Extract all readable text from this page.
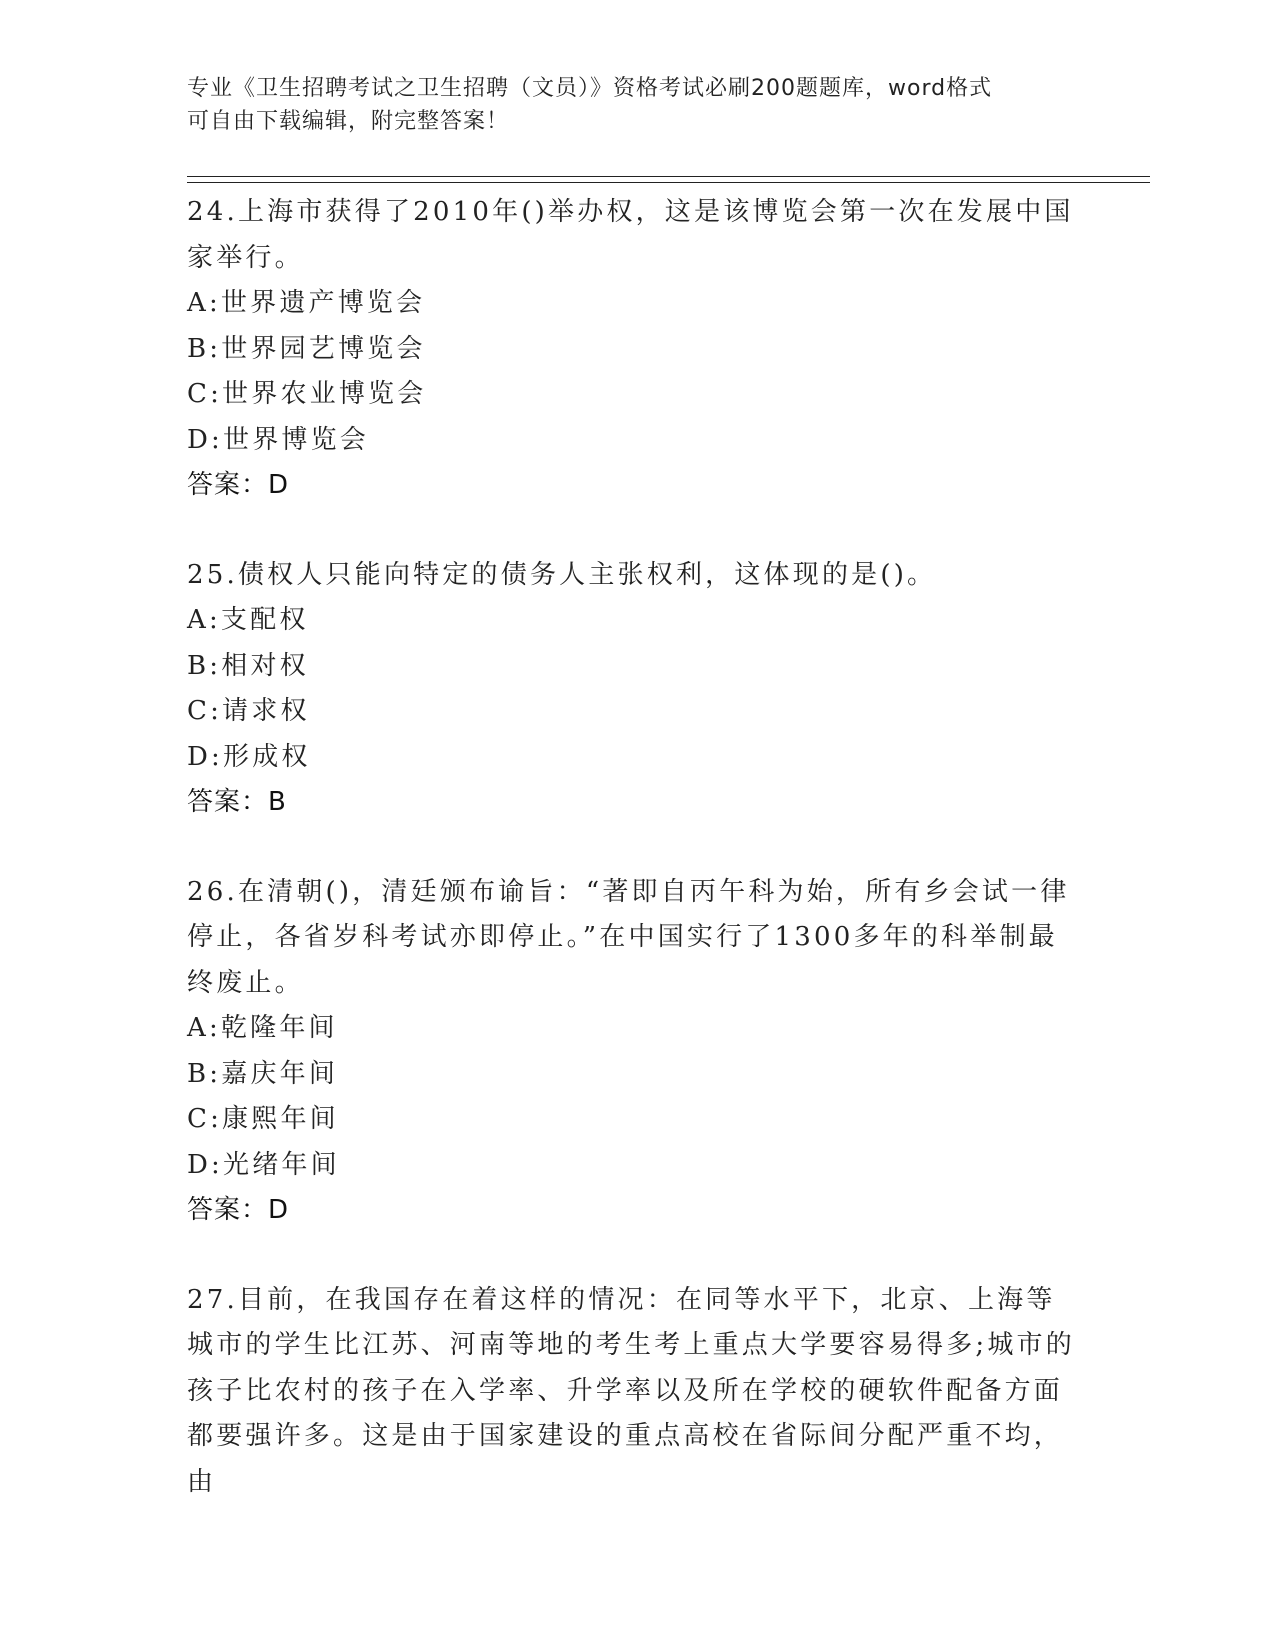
专业《卫生招聘考试之卫生招聘（文员）》资格考试必刷200题题库，word格式
可自由下载编辑，附完整答案！
24.上海市获得了2010年()举办权，这是该博览会第一次在发展中国家举行。
A:世界遗产博览会
B:世界园艺博览会
C:世界农业博览会
D:世界博览会
答案：D
25.债权人只能向特定的债务人主张权利，这体现的是()。
A:支配权
B:相对权
C:请求权
D:形成权
答案：B
26.在清朝()，清廷颁布谕旨：“著即自丙午科为始，所有乡会试一律停止，各省岁科考试亦即停止。”在中国实行了1300多年的科举制最终废止。
A:乾隆年间
B:嘉庆年间
C:康熙年间
D:光绪年间
答案：D
27.目前，在我国存在着这样的情况：在同等水平下，北京、上海等城市的学生比江苏、河南等地的考生考上重点大学要容易得多;城市的孩子比农村的孩子在入学率、升学率以及所在学校的硬软件配备方面都要强许多。这是由于国家建设的重点高校在省际间分配严重不均，由
